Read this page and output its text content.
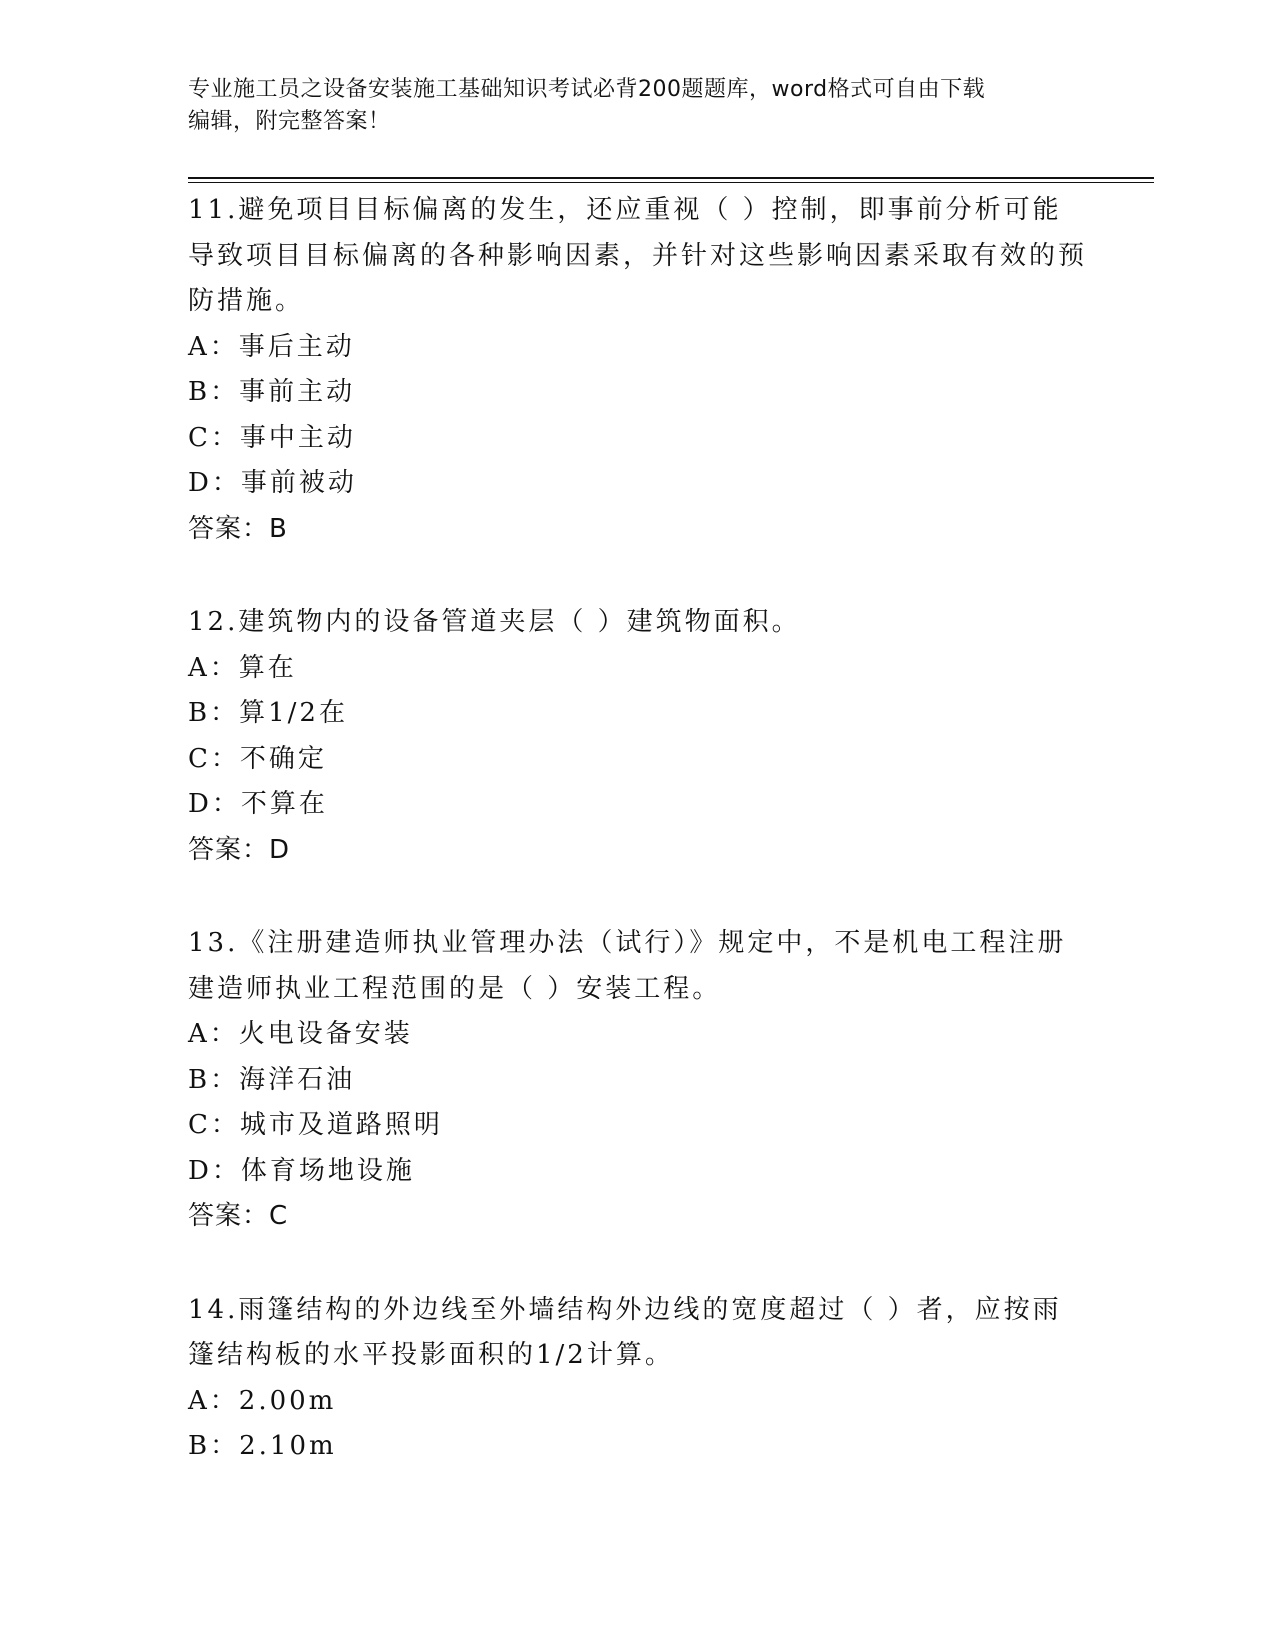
专业施工员之设备安装施工基础知识考试必背200题题库，word格式可自由下载
编辑，附完整答案！

11.避免项目目标偏离的发生，还应重视（ ）控制，即事前分析可能导致项目目标偏离的各种影响因素，并针对这些影响因素采取有效的预防措施。

A：事后主动
B：事前主动
C：事中主动
D：事前被动
答案：B

12.建筑物内的设备管道夹层（ ）建筑物面积。

A：算在
B：算1/2在
C：不确定
D：不算在
答案：D

13.《注册建造师执业管理办法（试行）》规定中，不是机电工程注册建造师执业工程范围的是（ ）安装工程。

A：火电设备安装
B：海洋石油
C：城市及道路照明
D：体育场地设施
答案：C

14.雨篷结构的外边线至外墙结构外边线的宽度超过（ ）者，应按雨篷结构板的水平投影面积的1/2计算。

A：2.00m
B：2.10m
